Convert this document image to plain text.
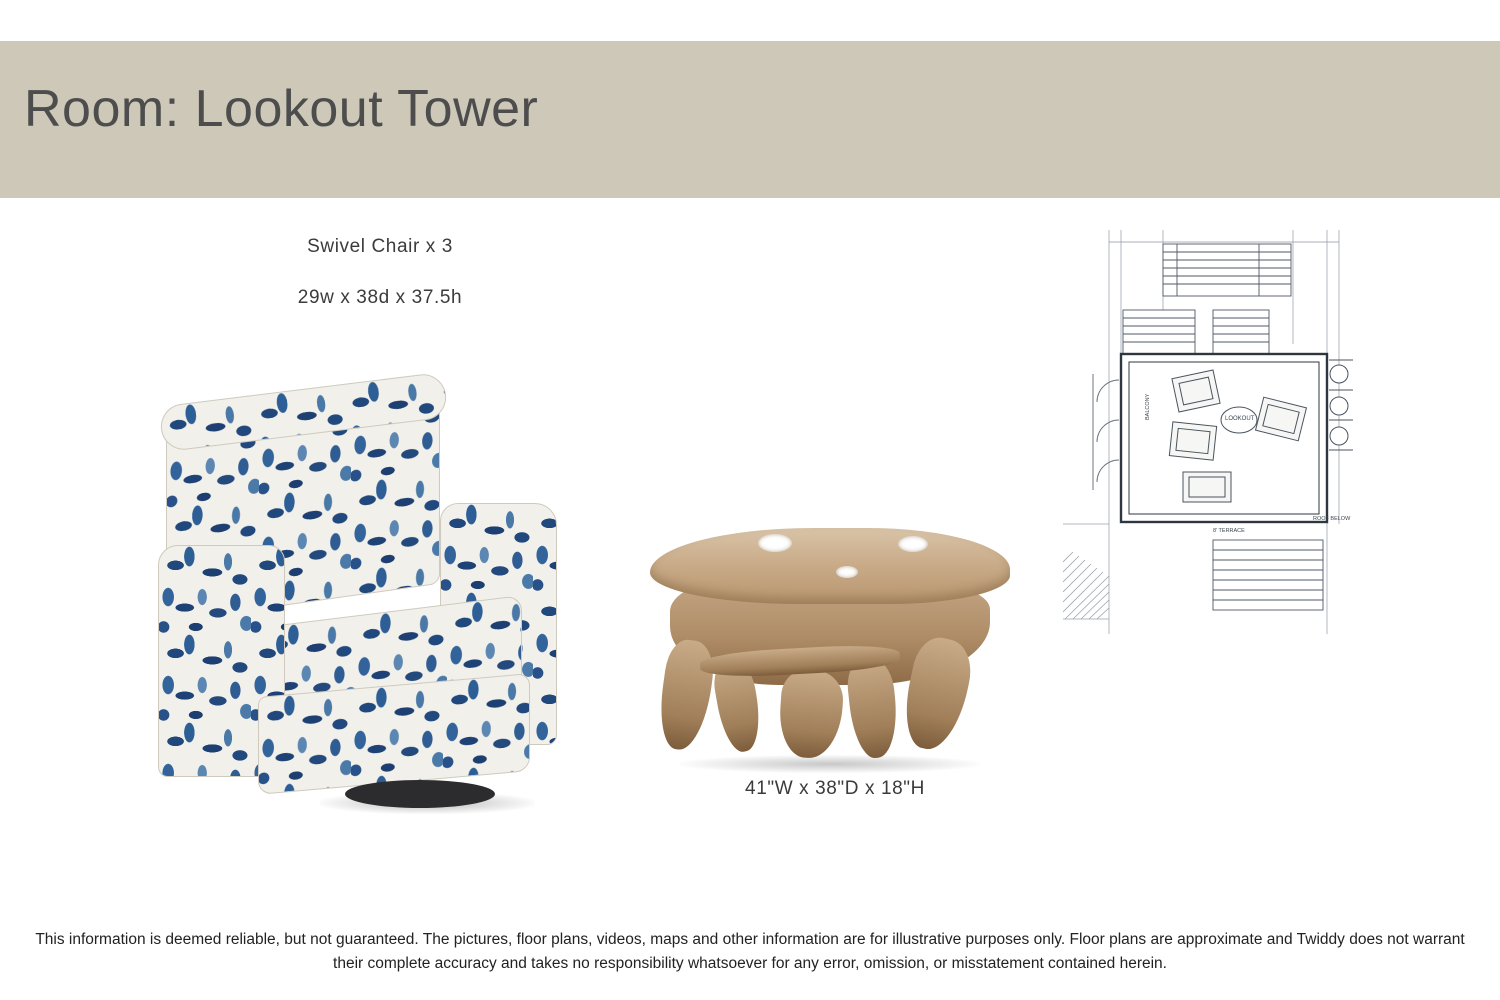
Room: Lookout Tower
Swivel Chair x 3
29w x 38d x 37.5h
41"W x 38"D x 18"H
LOOKOUT
BALCONY
8' TERRACE
ROOF BELOW
This information is deemed reliable, but not guaranteed. The pictures, floor plans, videos, maps and other information are for illustrative purposes only. Floor plans are approximate and Twiddy does not warrant their complete accuracy and takes no responsibility whatsoever for any error, omission, or misstatement contained herein.
